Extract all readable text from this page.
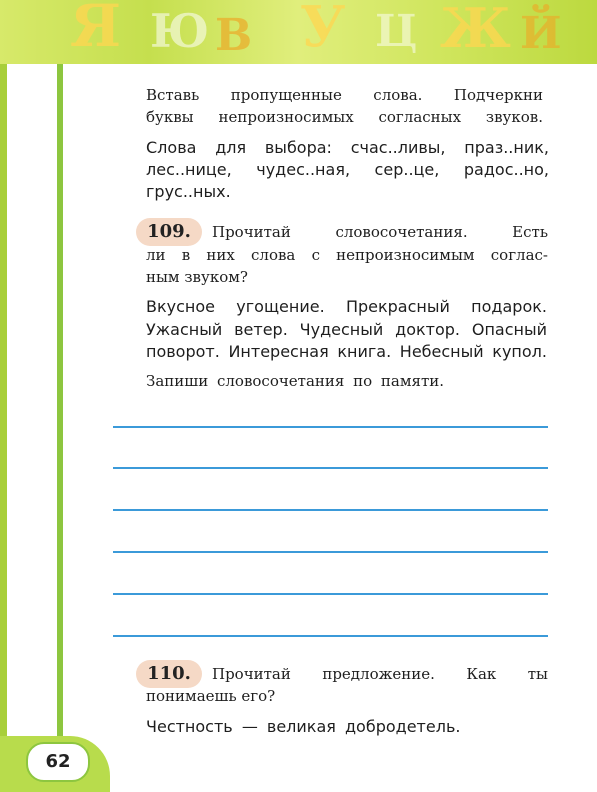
Я Ю В У Ц Ж Й
62
Вставь пропущенные слова. Подчеркни
буквы непроизносимых согласных звуков.
Слова для выбора: счас..ливы, праз..ник,
лес..нице, чудес..ная, сер..це, радос..но,
грус..ных.
109.	Прочитай словосочетания. Есть
ли в них слова с непроизносимым соглас-
ным звуком?
Вкусное угощение. Прекрасный подарок.
Ужасный ветер. Чудесный доктор. Опасный
поворот. Интересная книга. Небесный купол.
Запиши словосочетания по памяти.
110.	Прочитай предложение. Как ты
понимаешь его?
Честность — великая добродетель.
